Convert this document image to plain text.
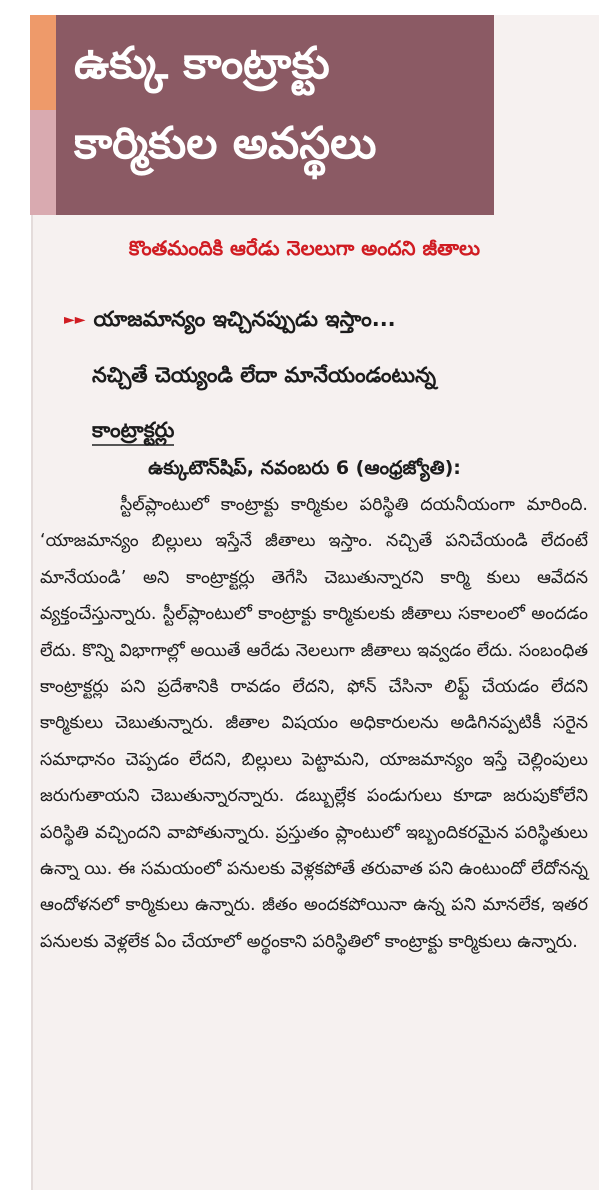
ఉక్కు కాంట్రాక్టు
కార్మికుల అవస్థలు
కొంతమందికి ఆరేడు నెలలుగా అందని జీతాలు
►► యాజమాన్యం ఇచ్చినప్పుడు ఇస్తాం...
నచ్చితే చెయ్యండి లేదా మానేయండంటున్న
కాంట్రాక్టర్లు

ఉక్కుటౌన్‌షిప్‌, నవంబరు 6 (ఆంధ్రజ్యోతి):

స్టీల్‌ప్లాంటులో కాంట్రాక్టు కార్మికుల పరిస్థితి దయనీయంగా మారింది. ‘యాజమాన్యం బిల్లులు ఇస్తేనే జీతాలు ఇస్తాం. నచ్చితే పనిచేయండి లేదంటే మానేయండి’ అని కాంట్రాక్టర్లు తెగేసి చెబుతున్నారని కార్మి కులు ఆవేదన వ్యక్తంచేస్తున్నారు. స్టీల్‌ప్లాంటులో కాంట్రాక్టు కార్మికులకు జీతాలు సకాలంలో అందడం లేదు. కొన్ని విభాగాల్లో అయితే ఆరేడు నెలలుగా జీతాలు ఇవ్వడం లేదు. సంబంధిత కాంట్రాక్టర్లు పని ప్రదేశానికి రావడం లేదని, ఫోన్‌ చేసినా లిఫ్ట్‌ చేయడం లేదని కార్మికులు చెబుతున్నారు. జీతాల విషయం అధికారులను అడిగినప్పటికీ సరైన సమాధానం చెప్పడం లేదని, బిల్లులు పెట్టామని, యాజమాన్యం ఇస్తే చెల్లింపులు జరుగుతాయని చెబుతున్నారన్నారు. డబ్బుల్లేక పండుగులు కూడా జరుపుకోలేని పరిస్థితి వచ్చిందని వాపోతున్నారు. ప్రస్తుతం ప్లాంటులో ఇబ్బందికరమైన పరిస్థితులు ఉన్నా యి. ఈ సమయంలో పనులకు వెళ్లకపోతే తరువాత పని ఉంటుందో లేదోనన్న ఆందోళనలో కార్మికులు ఉన్నారు. జీతం అందకపోయినా ఉన్న పని మానలేక, ఇతర పనులకు వెళ్లలేక ఏం చేయాలో అర్థంకాని పరిస్థితిలో కాంట్రాక్టు కార్మికులు ఉన్నారు.
